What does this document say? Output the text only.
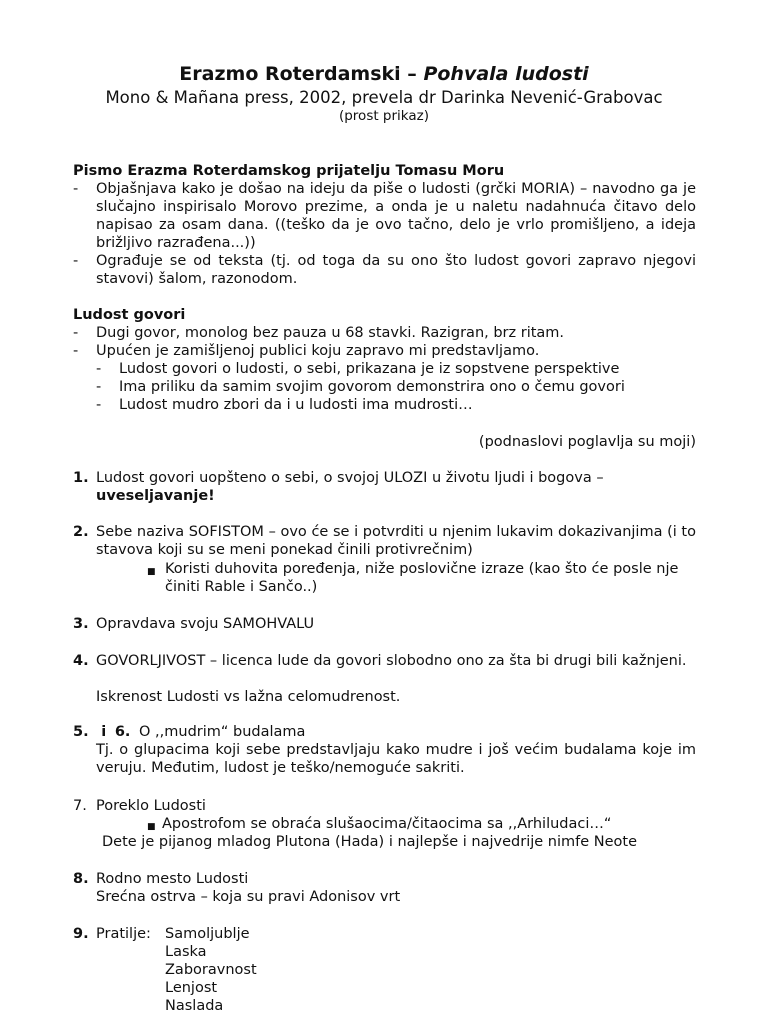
Erazmo Roterdamski – Pohvala ludosti
Mono & Mañana press, 2002, prevela dr Darinka Nevenić-Grabovac
(prost prikaz)
Pismo Erazma Roterdamskog prijatelju Tomasu Moru
- Objašnjava kako je došao na ideju da piše o ludosti (grčki MORIA) – navodno ga je slučajno inspirisalo Morovo prezime, a onda je u naletu nadahnuća čitavo delo napisao za osam dana. ((teško da je ovo tačno, delo je vrlo promišljeno, a ideja brižljivo razrađena...))
- Ograđuje se od teksta (tj. od toga da su ono što ludost govori zapravo njegovi stavovi) šalom, razonodom.
Ludost govori
- Dugi govor, monolog bez pauza u 68 stavki. Razigran, brz ritam.
- Upućen je zamišljenoj publici koju zapravo mi predstavljamo.
- Ludost govori o ludosti, o sebi, prikazana je iz sopstvene perspektive
- Ima priliku da samim svojim govorom demonstrira ono o čemu govori
- Ludost mudro zbori da i u ludosti ima mudrosti…
(podnaslovi poglavlja su moji)
1. Ludost govori uopšteno o sebi, o svojoj ULOZI u životu ljudi i bogova –
uveseljavanje!
2. Sebe naziva SOFISTOM – ovo će se i potvrditi u njenim lukavim dokazivanjima (i to stavova koji su se meni ponekad činili protivrečnim)
■ Koristi duhovita poređenja, niže poslovične izraze (kao što će posle nje činiti Rable i Sančo..)
3. Opravdava svoju SAMOHVALU
4. GOVORLJIVOST – licenca lude da govori slobodno ono za šta bi drugi bili kažnjeni.
Iskrenost Ludosti vs lažna celomudrenost.
5. i 6. O ,,mudrim“ budalama
Tj. o glupacima koji sebe predstavljaju kako mudre i još većim budalama koje im veruju. Međutim, ludost je teško/nemoguće sakriti.
7. Poreklo Ludosti
■ Apostrofom se obraća slušaocima/čitaocima sa ,,Arhiludaci…“
Dete je pijanog mladog Plutona (Hada) i najlepše i najvedrije nimfe Neote
8. Rodno mesto Ludosti
Srećna ostrva – koja su pravi Adonisov vrt
9. Pratilje: Samoljublje
Laska
Zaboravnost
Lenjost
Naslada
